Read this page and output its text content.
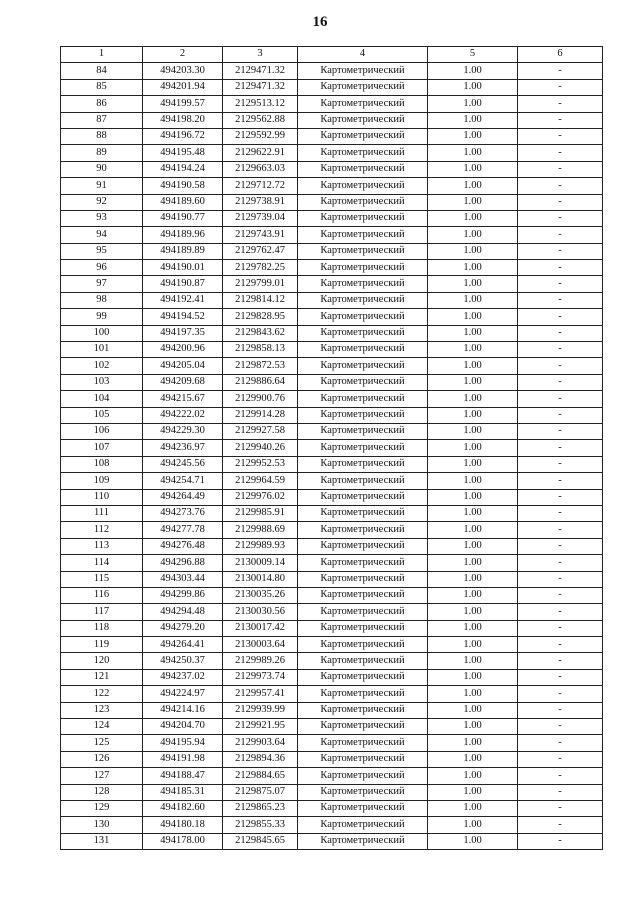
16
1	2	3	4	5	6
84	494203.30	2129471.32	Картометрический	1.00	-
85	494201.94	2129471.32	Картометрический	1.00	-
86	494199.57	2129513.12	Картометрический	1.00	-
87	494198.20	2129562.88	Картометрический	1.00	-
88	494196.72	2129592.99	Картометрический	1.00	-
89	494195.48	2129622.91	Картометрический	1.00	-
90	494194.24	2129663.03	Картометрический	1.00	-
91	494190.58	2129712.72	Картометрический	1.00	-
92	494189.60	2129738.91	Картометрический	1.00	-
93	494190.77	2129739.04	Картометрический	1.00	-
94	494189.96	2129743.91	Картометрический	1.00	-
95	494189.89	2129762.47	Картометрический	1.00	-
96	494190.01	2129782.25	Картометрический	1.00	-
97	494190.87	2129799.01	Картометрический	1.00	-
98	494192.41	2129814.12	Картометрический	1.00	-
99	494194.52	2129828.95	Картометрический	1.00	-
100	494197.35	2129843.62	Картометрический	1.00	-
101	494200.96	2129858.13	Картометрический	1.00	-
102	494205.04	2129872.53	Картометрический	1.00	-
103	494209.68	2129886.64	Картометрический	1.00	-
104	494215.67	2129900.76	Картометрический	1.00	-
105	494222.02	2129914.28	Картометрический	1.00	-
106	494229.30	2129927.58	Картометрический	1.00	-
107	494236.97	2129940.26	Картометрический	1.00	-
108	494245.56	2129952.53	Картометрический	1.00	-
109	494254.71	2129964.59	Картометрический	1.00	-
110	494264.49	2129976.02	Картометрический	1.00	-
111	494273.76	2129985.91	Картометрический	1.00	-
112	494277.78	2129988.69	Картометрический	1.00	-
113	494276.48	2129989.93	Картометрический	1.00	-
114	494296.88	2130009.14	Картометрический	1.00	-
115	494303.44	2130014.80	Картометрический	1.00	-
116	494299.86	2130035.26	Картометрический	1.00	-
117	494294.48	2130030.56	Картометрический	1.00	-
118	494279.20	2130017.42	Картометрический	1.00	-
119	494264.41	2130003.64	Картометрический	1.00	-
120	494250.37	2129989.26	Картометрический	1.00	-
121	494237.02	2129973.74	Картометрический	1.00	-
122	494224.97	2129957.41	Картометрический	1.00	-
123	494214.16	2129939.99	Картометрический	1.00	-
124	494204.70	2129921.95	Картометрический	1.00	-
125	494195.94	2129903.64	Картометрический	1.00	-
126	494191.98	2129894.36	Картометрический	1.00	-
127	494188.47	2129884.65	Картометрический	1.00	-
128	494185.31	2129875.07	Картометрический	1.00	-
129	494182.60	2129865.23	Картометрический	1.00	-
130	494180.18	2129855.33	Картометрический	1.00	-
131	494178.00	2129845.65	Картометрический	1.00	-
